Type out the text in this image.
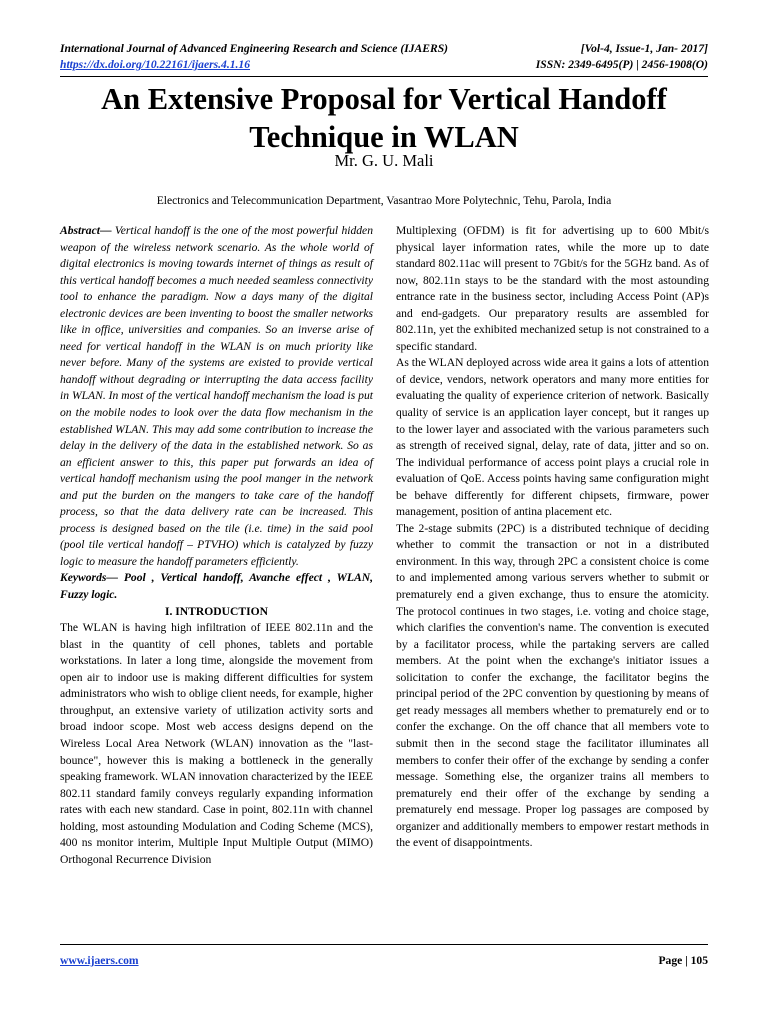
International Journal of Advanced Engineering Research and Science (IJAERS)	[Vol-4, Issue-1, Jan- 2017]
https://dx.doi.org/10.22161/ijaers.4.1.16	ISSN: 2349-6495(P) | 2456-1908(O)
An Extensive Proposal for Vertical Handoff
Technique in WLAN
Mr. G. U. Mali
Electronics and Telecommunication Department, Vasantrao More Polytechnic, Tehu, Parola, India

Abstract— Vertical handoff is the one of the most powerful hidden weapon of the wireless network scenario. As the whole world of digital electronics is moving towards internet of things as result of this vertical handoff becomes a much needed seamless connectivity tool to enhance the paradigm. Now a days many of the digital electronic devices are been inventing to boost the smaller networks like in office, universities and companies. So an inverse arise of need for vertical handoff in the WLAN is on much priority like never before. Many of the systems are existed to provide vertical handoff without degrading or interrupting the data access facility in WLAN. In most of the vertical handoff mechanism the load is put on the mobile nodes to look over the data flow mechanism in the established WLAN. This may add some contribution to increase the delay in the delivery of the data in the established network. So as an efficient answer to this, this paper put forwards an idea of vertical handoff mechanism using the pool manger in the network and put the burden on the mangers to take care of the handoff process, so that the data delivery rate can be increased. This process is designed based on the tile (i.e. time) in the said pool (pool tile vertical handoff – PTVHO) which is catalyzed by fuzzy logic to measure the handoff parameters efficiently.

Keywords— Pool , Vertical handoff, Avanche effect , WLAN, Fuzzy logic.

I. INTRODUCTION

The WLAN is having high infiltration of IEEE 802.11n and the blast in the quantity of cell phones, tablets and portable workstations. In later a long time, alongside the movement from open air to indoor use is making different difficulties for system administrators who wish to oblige client needs, for example, higher throughput, an extensive variety of utilization activity sorts and broad indoor scope. Most web access designs depend on the Wireless Local Area Network (WLAN) innovation as the "last-bounce", however this is making a bottleneck in the generally speaking framework. WLAN innovation characterized by the IEEE 802.11 standard family conveys regularly expanding information rates with each new standard. Case in point, 802.11n with channel holding, most astounding Modulation and Coding Scheme (MCS), 400 ns monitor interim, Multiple Input Multiple Output (MIMO) Orthogonal Recurrence Division

Multiplexing (OFDM) is fit for advertising up to 600 Mbit/s physical layer information rates, while the more up to date standard 802.11ac will present to 7Gbit/s for the 5GHz band. As of now, 802.11n stays to be the standard with the most astounding entrance rate in the business sector, including Access Point (AP)s and end-gadgets. Our preparatory results are assembled for 802.11n, yet the exhibited mechanized setup is not constrained to a specific standard.

As the WLAN deployed across wide area it gains a lots of attention of device, vendors, network operators and many more entities for evaluating the quality of experience criterion of network. Basically quality of service is an application layer concept, but it ranges up to the lower layer and associated with the various parameters such as strength of received signal, delay, rate of data, jitter and so on. The individual performance of access point plays a crucial role in evaluation of QoE. Access points having same configuration might be behave differently for different chipsets, firmware, power management, position of antina placement etc.

The 2-stage submits (2PC) is a distributed technique of deciding whether to commit the transaction or not in a distributed environment. In this way, through 2PC a consistent choice is come to and implemented among various servers whether to submit or prematurely end a given exchange, thus to ensure the atomicity. The protocol continues in two stages, i.e. voting and choice stage, which clarifies the convention's name. The convention is executed by a facilitator process, while the partaking servers are called members. At the point when the exchange's initiator issues a solicitation to confer the exchange, the facilitator begins the principal period of the 2PC convention by questioning by means of get ready messages all members whether to prematurely end or to confer the exchange. On the off chance that all members vote to submit then in the second stage the facilitator illuminates all members to confer their offer of the exchange by sending a confer message. Something else, the organizer trains all members to prematurely end their offer of the exchange by sending a prematurely end message. Proper log passages are composed by organizer and additionally members to empower restart methods in the event of disappointments.

www.ijaers.com	Page | 105
